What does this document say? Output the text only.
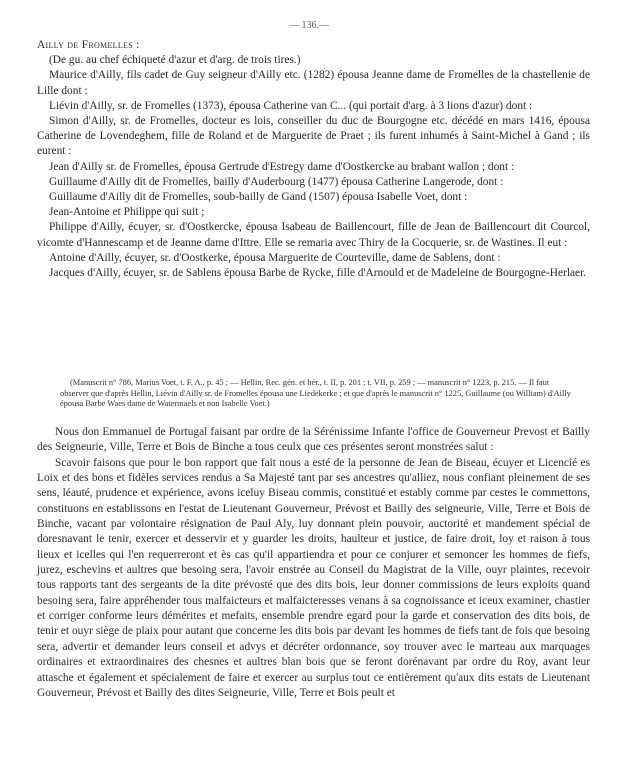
— 136.—

Ailly de Fromelles :

(De gu. au chef échiqueté d'azur et d'arg. de trois tires.)

Maurice d'Ailly, fils cadet de Guy seigneur d'Ailly etc. (1282) épousa Jeanne dame de Fromelles de la chastellenie de Lille dont :

Liévin d'Ailly, sr. de Fromelles (1373), épousa Catherine van C... (qui portait d'arg. à 3 lions d'azur) dont :

Simon d'Ailly, sr. de Fromelles, docteur es lois, conseiller du duc de Bourgogne etc. décédé en mars 1416, épousa Catherine de Lovendeghem, fille de Roland et de Marguerite de Praet ; ils furent inhumés à Saint-Michel à Gand ; ils eurent :

Jean d'Ailly sr. de Fromelles, épousa Gertrude d'Estregy dame d'Oostkercke au brabant wallon ; dont :

Guillaume d'Ailly dit de Fromelles, bailly d'Auderbourg (1477) épousa Catherine Langerode, dont :

Guillaume d'Ailly dit de Fromelles, soub-bailly de Gand (1507) épousa Isabelle Voet, dont :

Jean-Antoine et Philippe qui suit ;

Philippe d'Ailly, écuyer, sr. d'Oostkercke, épousa Isabeau de Baillencourt, fille de Jean de Baillencourt dit Courcol, vicomte d'Hannescamp et de Jeanne dame d'Ittre. Elle se remaria avec Thiry de la Cocquerie, sr. de Wastines. Il eut :

Antoine d'Ailly, écuyer, sr. d'Oostkerke, épousa Marguerite de Courteville, dame de Sablens, dont :

Jacques d'Ailly, écuyer, sr. de Sablens épousa Barbe de Rycke, fille d'Arnould et de Madeleine de Bourgogne-Herlaer.

(Manuscrit n° 786, Marius Voet, t. F. A., p. 45 ; — Hellin, Rec. gén. et hér., t. II, p. 201 ; t. VII, p. 259 ; — manuscrit n° 1223, p. 215. — Il faut observer que d'après Hellin, Liévin d'Ailly sr. de Fromelles épousa une Liedekerke ; et que d'après le manuscrit n° 1225, Guillaume (ou William) d'Ailly épousa Barbe Waes dame de Watermaels et non Isabelle Voet.)

Nous don Emmanuel de Portugal faisant par ordre de la Sérénissime Infante l'office de Gouverneur Prevost et Bailly des Seigneurie, Ville, Terre et Bois de Binche a tous ceulx que ces présentes seront monstrées salut :

Scavoir faisons que pour le bon rapport que fait nous a esté de la personne de Jean de Biseau, écuyer et Licencié es Loix et des bons et fidèles services rendus a Sa Majesté tant par ses ancestres qu'alliez, nous confiant pleinement de ses sens, léauté, prudence et expérience, avons iceluy Biseau commis, constitué et estably comme par cestes le commettons, constituons en establissons en l'estat de Lieutenant Gouverneur, Prévost et Bailly des seigneurie, Ville, Terre et Bois de Binche, vacant par volontaire résignation de Paul Aly, luy donnant plein pouvoir, auctorité et mandement spécial de doresnavant le tenir, exercer et desservir et y guarder les droits, haulteur et justice, de faire droit, loy et raison à tous lieux et icelles qui l'en requerreront et ès cas qu'il appartiendra et pour ce conjurer et semoncer les hommes de fiefs, jurez, eschevins et aultres que besoing sera, l'avoir enstrée au Conseil du Magistrat de la Ville, ouyr plaintes, recevoir tous rapports tant des sergeants de la dite prévosté que des dits bois, leur donner commissions de leurs exploits quand besoing sera, faire appréhender tous malfaicteurs et malfaicteresses venans à sa cognoissance et iceux examiner, chastier et corriger conforme leurs démérites et mefaits, ensemble prendre egard pour la garde et conservation des dits bois, de tenir et ouyr siège de plaix pour autant que concerne les dits bois par devant les hommes de fiefs tant de fois que besoing sera, advertir et demander leurs conseil et advys et décréter ordonnance, soy trouver avec le marteau aux marquages ordinaires et extraordinaires des chesnes et aultres blan bois que se feront dorénavant par ordre du Roy, avant leur attasche et également et spécialement de faire et exercer au surplus tout ce entièrement qu'aux dits estats de Lieutenant Gouverneur, Prévost et Bailly des dites Seigneurie, Ville, Terre et Bois peult et
